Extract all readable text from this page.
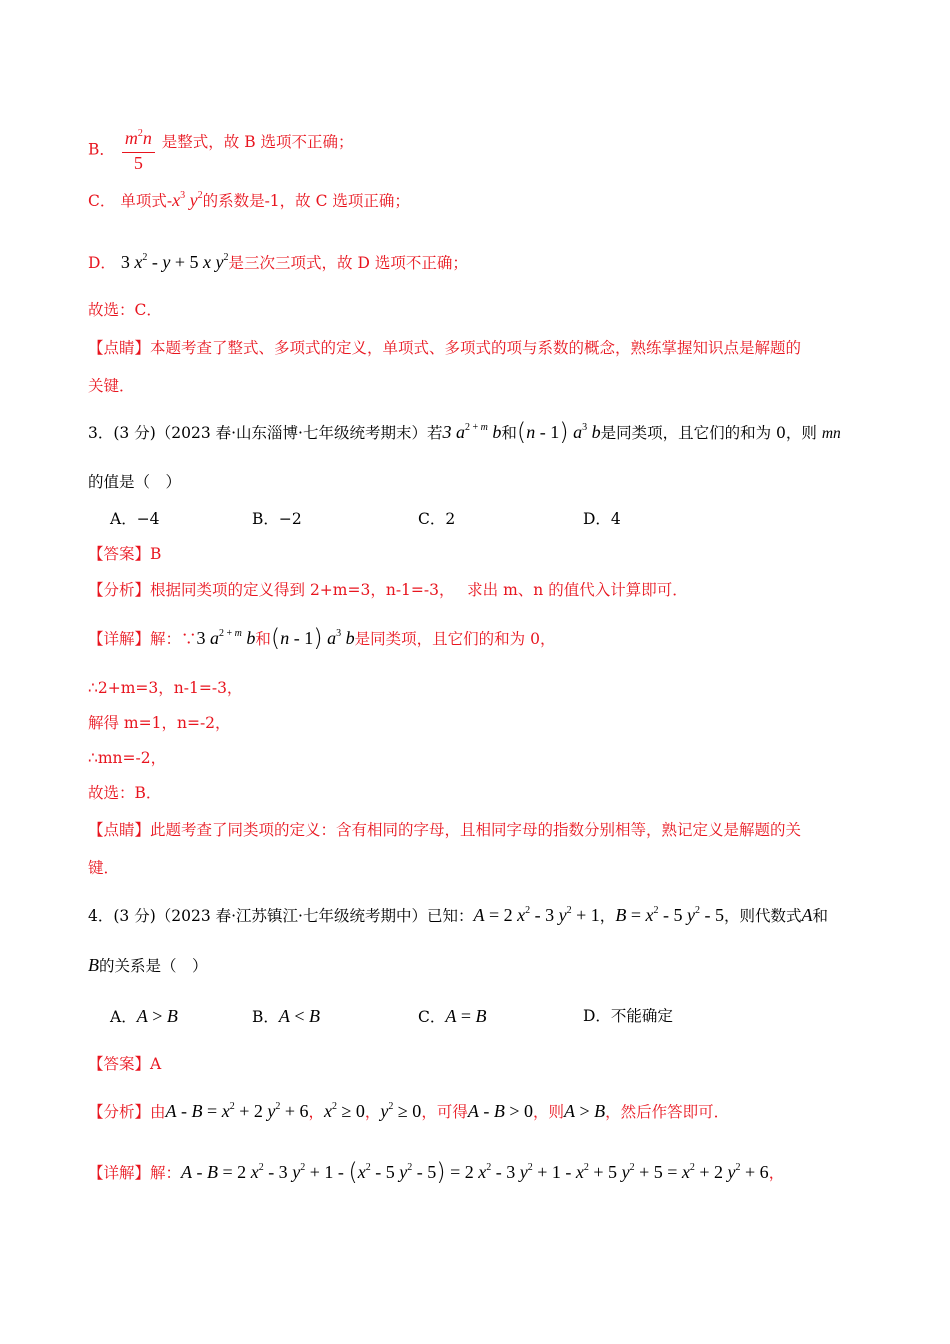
B． $\frac{m^2n}{5}$ 是整式，故 B 选项不正确；
C． 单项式$-x^3$ $y^2$的系数是-1，故 C 选项正确；
D． 3 $x^2 - y + 5$ x $y^2$是三次三项式，故 D 选项不正确；
故选：C．
【点睛】本题考查了整式、多项式的定义，单项式、多项式的项与系数的概念，熟练掌握知识点是解题的
关键．
3．(3 分)（2023 春·山东淄博·七年级统考期末）若3 $a^{2 + m}$ b和(n - 1) $a^3$ b是同类项，且它们的和为 0，则 mn
的值是（　）
A．−4	B．−2	C．2	D．4
【答案】B
【分析】根据同类项的定义得到 2+m=3，n-1=-3，　 求出 m、n 的值代入计算即可．
【详解】解：∵3 $a^{2 + m}$ b和(n - 1) $a^3$ b是同类项，且它们的和为 0，
∴2+m=3，n-1=-3，
解得 m=1，n=-2，
∴mn=-2，
故选：B．
【点睛】此题考查了同类项的定义：含有相同的字母，且相同字母的指数分别相等，熟记定义是解题的关
键．
4．(3 分)（2023 春·江苏镇江·七年级统考期中）已知：A = 2 $x^2 - 3$ $y^2 + 1$，$B = x^2 - 5$ $y^2 - 5$，则代数式A和
B的关系是（　）
A．A > B	B．A < B	C．A = B	D．不能确定
【答案】A
【分析】由$A - B = x^2 + 2$ $y^2 + 6$，$x^2 \ge 0$，$y^2 \ge 0$，可得A - B > 0，则A > B，然后作答即可．
【详解】解：A - B = 2 $x^2 - 3$ $y^2 + 1 - (x^2 - 5$ $y^2 - 5) = 2$ $x^2 - 3$ $y^2 + 1 - x^2 + 5$ $y^2 + 5 = x^2 + 2$ $y^2 + 6$，
